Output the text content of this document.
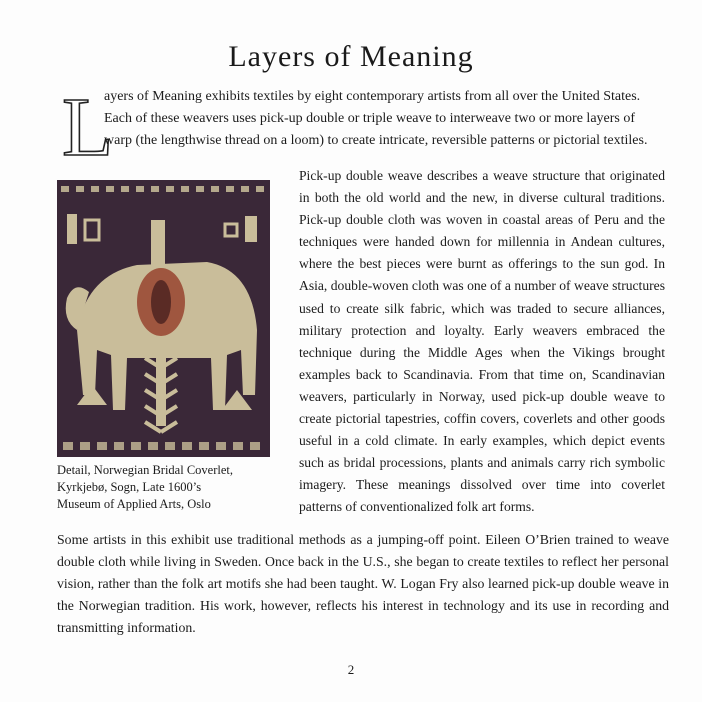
Layers of Meaning
L

ayers of Meaning exhibits textiles by eight contemporary artists from all over the United States. Each of these weavers uses pick-up double or triple weave to interweave two or more layers of warp (the lengthwise thread on a loom) to create intricate, reversible patterns or pictorial textiles.

Detail, Norwegian Bridal Coverlet,
Kyrkjebø, Sogn, Late 1600’s
Museum of Applied Arts, Oslo

Pick-up double weave describes a weave structure that originated in both the old world and the new, in diverse cultural traditions. Pick-up double cloth was woven in coastal areas of Peru and the techniques were handed down for millennia in Andean cultures, where the best pieces were burnt as offerings to the sun god. In Asia, double-woven cloth was one of a number of weave structures used to create silk fabric, which was traded to secure alliances, military protection and loyalty. Early weavers embraced the technique during the Middle Ages when the Vikings brought examples back to Scandinavia. From that time on, Scandinavian weavers, particularly in Norway, used pick-up double weave to create pictorial tapestries, coffin covers, coverlets and other goods useful in a cold climate. In early examples, which depict events such as bridal processions, plants and animals carry rich symbolic imagery. These meanings dissolved over time into coverlet patterns of conventionalized folk art forms.

Some artists in this exhibit use traditional methods as a jumping-off point. Eileen O’Brien trained to weave double cloth while living in Sweden. Once back in the U.S., she began to create textiles to reflect her personal vision, rather than the folk art motifs she had been taught. W. Logan Fry also learned pick-up double weave in the Norwegian tradition. His work, however, reflects his interest in technology and its use in recording and transmitting information.

2
